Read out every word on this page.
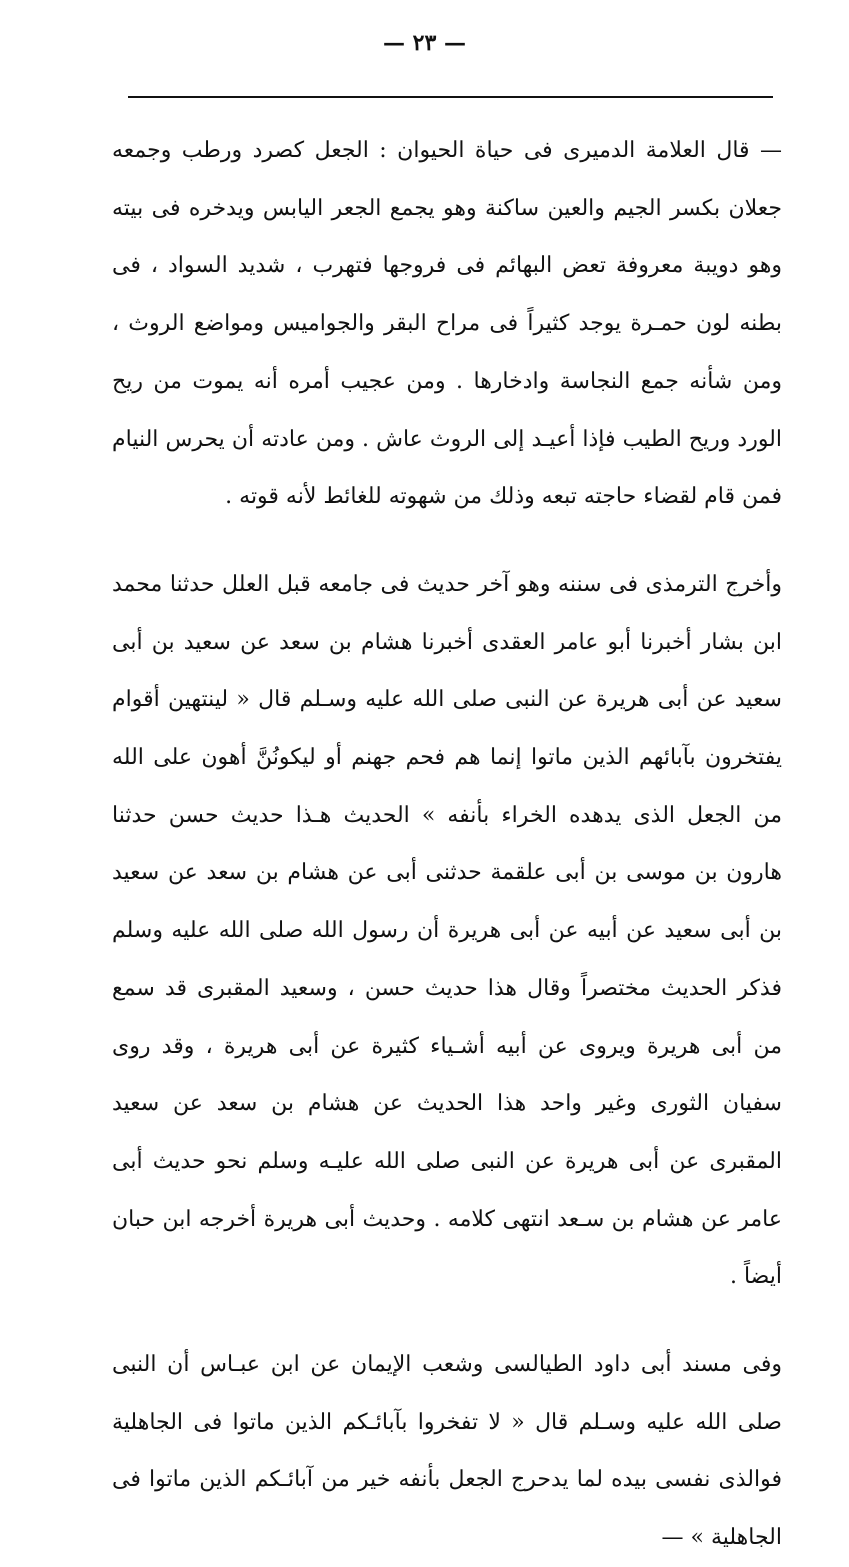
— ٢٣ —

— قال العلامة الدميرى فى حياة الحيوان : الجعل كصرد ورطب وجمعه جعلان بكسر الجيم والعين ساكنة وهو يجمع الجعر اليابس ويدخره فى بيته وهو دويبة معروفة تعض البهائم فى فروجها فتهرب ، شديد السواد ، فى بطنه لون حمـرة يوجد كثيراً فى مراح البقر والجواميس ومواضع الروث ، ومن شأنه جمع النجاسة وادخارها . ومن عجيب أمره أنه يموت من ريح الورد وريح الطيب فإذا أعيـد إلى الروث عاش . ومن عادته أن يحرس النيام فمن قام لقضاء حاجته تبعه وذلك من شهوته للغائط لأنه قوته .

وأخرج الترمذى فى سننه وهو آخر حديث فى جامعه قبل العلل حدثنا محمد ابن بشار أخبرنا أبو عامر العقدى أخبرنا هشام بن سعد عن سعيد بن أبى سعيد عن أبى هريرة عن النبى صلى الله عليه وسـلم قال « لينتهين أقوام يفتخرون بآبائهم الذين ماتوا إنما هم فحم جهنم أو ليكونُنَّ أهون على الله من الجعل الذى يدهده الخراء بأنفه » الحديث هـذا حديث حسن حدثنا هارون بن موسى بن أبى علقمة حدثنى أبى عن هشام بن سعد عن سعيد بن أبى سعيد عن أبيه عن أبى هريرة أن رسول الله صلى الله عليه وسلم فذكر الحديث مختصراً وقال هذا حديث حسن ، وسعيد المقبرى قد سمع من أبى هريرة ويروى عن أبيه أشـياء كثيرة عن أبى هريرة ، وقد روى سفيان الثورى وغير واحد هذا الحديث عن هشام بن سعد عن سعيد المقبرى عن أبى هريرة عن النبى صلى الله عليـه وسلم نحو حديث أبى عامر عن هشام بن سـعد انتهى كلامه . وحديث أبى هريرة أخرجه ابن حبان أيضاً .

وفى مسند أبى داود الطيالسى وشعب الإيمان عن ابن عبـاس أن النبى صلى الله عليه وسـلم قال « لا تفخروا بآبائـكم الذين ماتوا فى الجاهلية فوالذى نفسى بيده لما يدحرج الجعل بأنفه خير من آبائـكم الذين ماتوا فى الجاهلية » —
